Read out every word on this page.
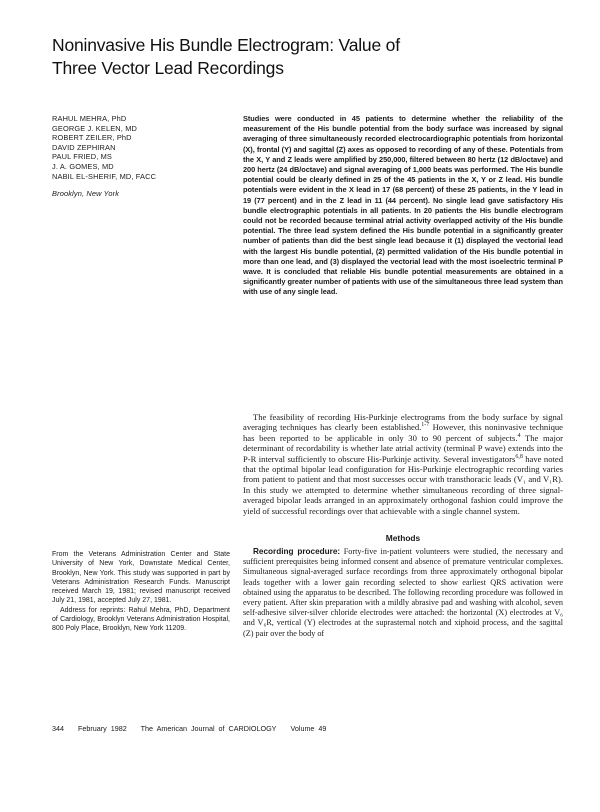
Noninvasive His Bundle Electrogram: Value of
Three Vector Lead Recordings
RAHUL MEHRA, PhD
GEORGE J. KELEN, MD
ROBERT ZEILER, PhD
DAVID ZEPHIRAN
PAUL FRIED, MS
J. A. GOMES, MD
NABIL EL-SHERIF, MD, FACC
Brooklyn, New York
Studies were conducted in 45 patients to determine whether the reliability of the measurement of the His bundle potential from the body surface was increased by signal averaging of three simultaneously recorded electrocardiographic potentials from horizontal (X), frontal (Y) and sagittal (Z) axes as opposed to recording of any of these. Potentials from the X, Y and Z leads were amplified by 250,000, filtered between 80 hertz (12 dB/octave) and 200 hertz (24 dB/octave) and signal averaging of 1,000 beats was performed. The His bundle potential could be clearly defined in 25 of the 45 patients in the X, Y or Z lead. His bundle potentials were evident in the X lead in 17 (68 percent) of these 25 patients, in the Y lead in 19 (77 percent) and in the Z lead in 11 (44 percent). No single lead gave satisfactory His bundle electrographic potentials in all patients. In 20 patients the His bundle electrogram could not be recorded because terminal atrial activity overlapped activity of the His bundle potential. The three lead system defined the His bundle potential in a significantly greater number of patients than did the best single lead because it (1) displayed the vectorial lead with the largest His bundle potential, (2) permitted validation of the His bundle potential in more than one lead, and (3) displayed the vectorial lead with the most isoelectric terminal P wave. It is concluded that reliable His bundle potential measurements are obtained in a significantly greater number of patients with use of the simultaneous three lead system than with use of any single lead.

The feasibility of recording His-Purkinje electrograms from the body surface by signal averaging techniques has clearly been established.$^{1-7}$ However, this noninvasive technique has been reported to be applicable in only 30 to 90 percent of subjects.$^4$ The major determinant of recordability is whether late atrial activity (terminal P wave) extends into the P-R interval sufficiently to obscure His-Purkinje activity. Several investigators$^{6,8}$ have noted that the optimal bipolar lead configuration for His-Purkinje electrographic recording varies from patient to patient and that most successes occur with transthoracic leads (V₁ and V₁R). In this study we attempted to determine whether simultaneous recording of three signal-averaged bipolar leads arranged in an approximately orthogonal fashion could improve the yield of successful recordings over that achievable with a single channel system.

Methods

Recording procedure: Forty-five in-patient volunteers were studied, the necessary and sufficient prerequisites being informed consent and absence of premature ventricular complexes. Simultaneous signal-averaged surface recordings from three approximately orthogonal bipolar leads together with a lower gain recording selected to show earliest QRS activation were obtained using the apparatus to be described. The following recording procedure was followed in every patient. After skin preparation with a mildly abrasive pad and washing with alcohol, seven self-adhesive silver-silver chloride electrodes were attached: the horizontal (X) electrodes at V₆ and V₆R, vertical (Y) electrodes at the suprasternal notch and xiphoid process, and the sagittal (Z) pair over the body of

From the Veterans Administration Center and State University of New York, Downstate Medical Center, Brooklyn, New York. This study was supported in part by Veterans Administration Research Funds. Manuscript received March 19, 1981; revised manuscript received July 21, 1981, accepted July 27, 1981.

Address for reprints: Rahul Mehra, PhD, Department of Cardiology, Brooklyn Veterans Administration Hospital, 800 Poly Place, Brooklyn, New York 11209.

344 February 1982 The American Journal of CARDIOLOGY Volume 49
